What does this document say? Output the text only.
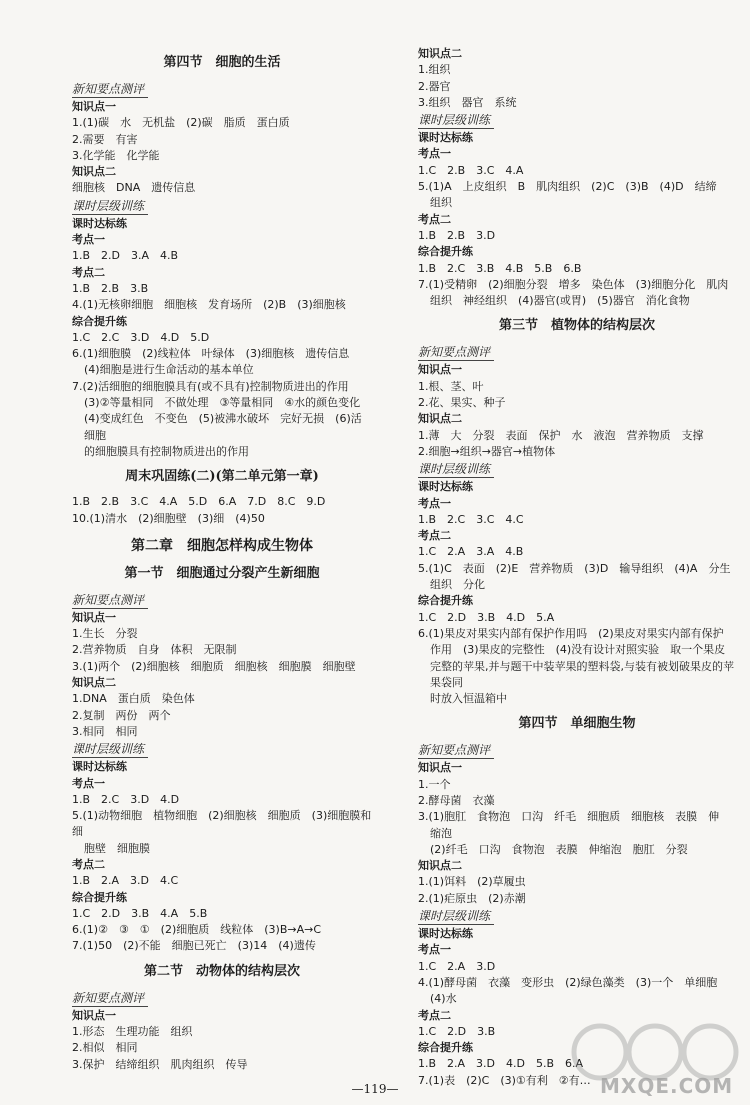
第四节　细胞的生活
新知要点测评
知识点一
1.(1)碳　水　无机盐　(2)碳　脂质　蛋白质
2.需要　有害
3.化学能　化学能
知识点二
细胞核　DNA　遗传信息
课时层级训练
课时达标练
考点一
1.B　2.D　3.A　4.B
考点二
1.B　2.B　3.B
4.(1)无核卵细胞　细胞核　发育场所　(2)B　(3)细胞核
综合提升练
1.C　2.C　3.D　4.D　5.D
6.(1)细胞膜　(2)线粒体　叶绿体　(3)细胞核　遗传信息
(4)细胞是进行生命活动的基本单位
7.(2)活细胞的细胞膜具有(或不具有)控制物质进出的作用
(3)②等量相同　不做处理　③等量相同　④水的颜色变化
(4)变成红色　不变色　(5)被沸水破坏　完好无损　(6)活细胞
的细胞膜具有控制物质进出的作用
周末巩固练(二)(第二单元第一章)
1.B　2.B　3.C　4.A　5.D　6.A　7.D　8.C　9.D
10.(1)清水　(2)细胞壁　(3)细　(4)50
第二章　细胞怎样构成生物体
第一节　细胞通过分裂产生新细胞
新知要点测评
知识点一
1.生长　分裂
2.营养物质　自身　体积　无限制
3.(1)两个　(2)细胞核　细胞质　细胞核　细胞膜　细胞壁
知识点二
1.DNA　蛋白质　染色体
2.复制　两份　两个
3.相同　相同
课时层级训练
课时达标练
考点一
1.B　2.C　3.D　4.D
5.(1)动物细胞　植物细胞　(2)细胞核　细胞质　(3)细胞膜和细
胞壁　细胞膜
考点二
1.B　2.A　3.D　4.C
综合提升练
1.C　2.D　3.B　4.A　5.B
6.(1)②　③　①　(2)细胞质　线粒体　(3)B→A→C
7.(1)50　(2)不能　细胞已死亡　(3)14　(4)遗传
第二节　动物体的结构层次
新知要点测评
知识点一
1.形态　生理功能　组织
2.相似　相同
3.保护　结缔组织　肌肉组织　传导
知识点二
1.组织
2.器官
3.组织　器官　系统
课时层级训练
课时达标练
考点一
1.C　2.B　3.C　4.A
5.(1)A　上皮组织　B　肌肉组织　(2)C　(3)B　(4)D　结缔
组织
考点二
1.B　2.B　3.D
综合提升练
1.B　2.C　3.B　4.B　5.B　6.B
7.(1)受精卵　(2)细胞分裂　增多　染色体　(3)细胞分化　肌肉
组织　神经组织　(4)器官(或胃)　(5)器官　消化食物
第三节　植物体的结构层次
新知要点测评
知识点一
1.根、茎、叶
2.花、果实、种子
知识点二
1.薄　大　分裂　表面　保护　水　液泡　营养物质　支撑
2.细胞→组织→器官→植物体
课时层级训练
课时达标练
考点一
1.B　2.C　3.C　4.C
考点二
1.C　2.A　3.A　4.B
5.(1)C　表面　(2)E　营养物质　(3)D　输导组织　(4)A　分生
组织　分化
综合提升练
1.C　2.D　3.B　4.D　5.A
6.(1)果皮对果实内部有保护作用吗　(2)果皮对果实内部有保护
作用　(3)果皮的完整性　(4)没有设计对照实验　取一个果皮
完整的苹果,并与题干中装苹果的塑料袋,与装有被划破果皮的苹果袋同
时放入恒温箱中
第四节　单细胞生物
新知要点测评
知识点一
1.一个
2.酵母菌　衣藻
3.(1)胞肛　食物泡　口沟　纤毛　细胞质　细胞核　表膜　伸
缩泡
(2)纤毛　口沟　食物泡　表膜　伸缩泡　胞肛　分裂
知识点二
1.(1)饵料　(2)草履虫
2.(1)疟原虫　(2)赤潮
课时层级训练
课时达标练
考点一
1.C　2.A　3.D
4.(1)酵母菌　衣藻　变形虫　(2)绿色藻类　(3)一个　单细胞
(4)水
考点二
1.C　2.D　3.B
综合提升练
1.B　2.A　3.D　4.D　5.B　6.A
7.(1)表　(2)C　(3)①有利　②有…
—119—	MXQE.COM
